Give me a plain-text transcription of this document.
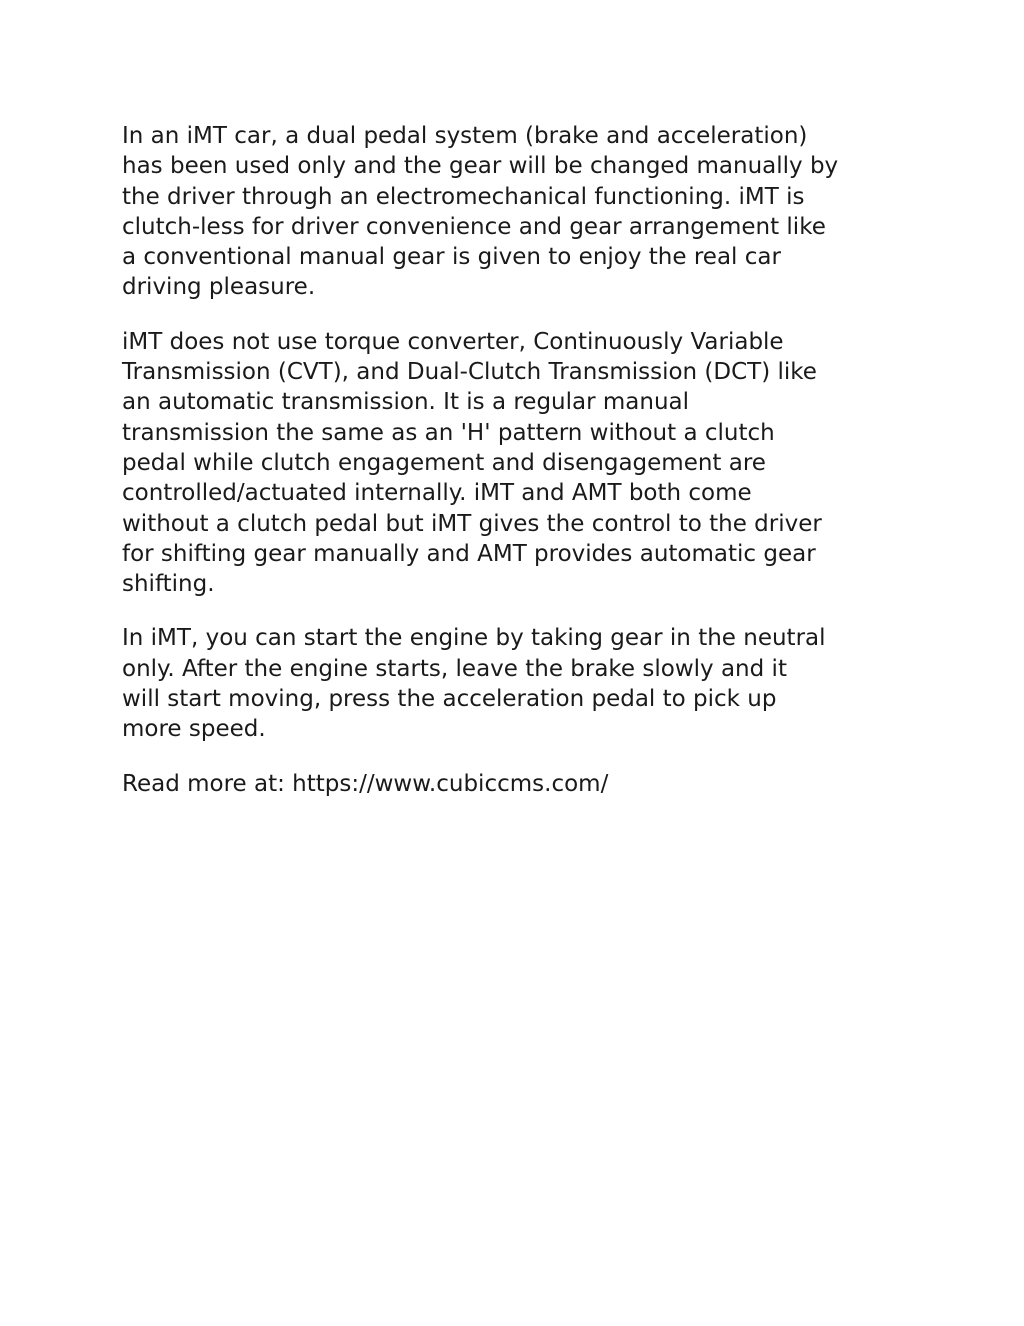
In an iMT car, a dual pedal system (brake and acceleration)
has been used only and the gear will be changed manually by
the driver through an electromechanical functioning. iMT is
clutch-less for driver convenience and gear arrangement like
a conventional manual gear is given to enjoy the real car
driving pleasure.

iMT does not use torque converter, Continuously Variable
Transmission (CVT), and Dual-Clutch Transmission (DCT) like
an automatic transmission. It is a regular manual
transmission the same as an 'H' pattern without a clutch
pedal while clutch engagement and disengagement are
controlled/actuated internally. iMT and AMT both come
without a clutch pedal but iMT gives the control to the driver
for shifting gear manually and AMT provides automatic gear
shifting.

In iMT, you can start the engine by taking gear in the neutral
only. After the engine starts, leave the brake slowly and it
will start moving, press the acceleration pedal to pick up
more speed.

Read more at: https://www.cubiccms.com/
